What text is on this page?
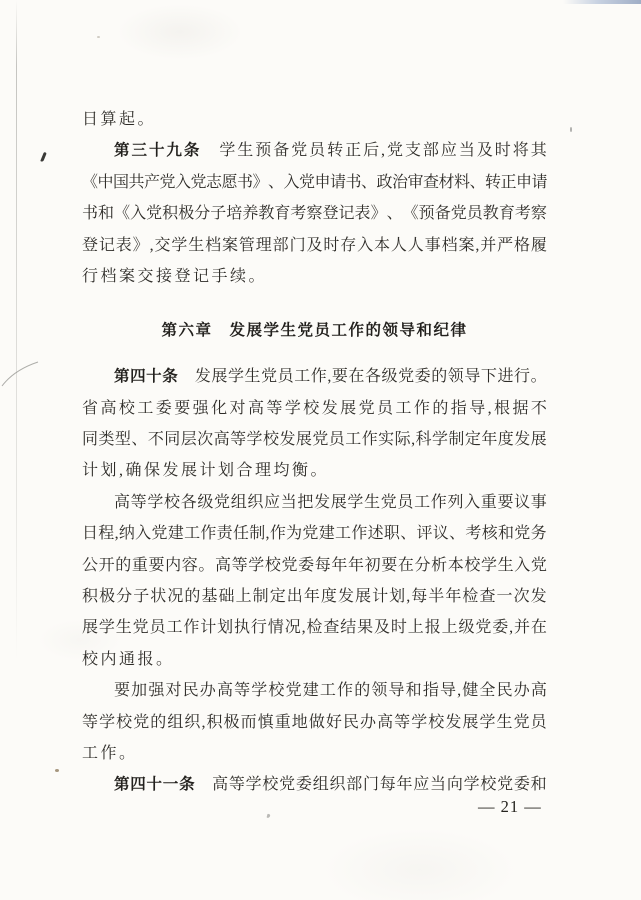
日算起。
第 三 十 九 条
　 学 生 预 备 党 员 转 正 后 , 党 支 部 应 当 及 时 将 其
《 中 国 共 产 党 入 党 志 愿 书 》 、 入 党 申 请 书 、 政 治 审 查 材 料 、 转 正 申 请
书 和 《 入 党 积 极 分 子 培 养 教 育 考 察 登 记 表 》 、 《 预 备 党 员 教 育 考 察
登 记 表 》 , 交 学 生 档 案 管 理 部 门 及 时 存 入 本 人 人 事 档 案 , 并 严 格 履
行档案交接登记手续。
第六章　发展学生党员工作的领导和纪律
第 四 十 条
　 发 展 学 生 党 员 工 作 , 要 在 各 级 党 委 的 领 导 下 进 行 。
省 高 校 工 委 要 强 化 对 高 等 学 校 发 展 党 员 工 作 的 指 导 , 根 据 不
同 类 型 、 不 同 层 次 高 等 学 校 发 展 党 员 工 作 实 际 , 科 学 制 定 年 度 发 展
计划,确保发展计划合理均衡。
高 等 学 校 各 级 党 组 织 应 当 把 发 展 学 生 党 员 工 作 列 入 重 要 议 事
日 程 , 纳 入 党 建 工 作 责 任 制 , 作 为 党 建 工 作 述 职 、 评 议 、 考 核 和 党 务
公 开 的 重 要 内 容 。 高 等 学 校 党 委 每 年 年 初 要 在 分 析 本 校 学 生 入 党
积 极 分 子 状 况 的 基 础 上 制 定 出 年 度 发 展 计 划 , 每 半 年 检 查 一 次 发
展 学 生 党 员 工 作 计 划 执 行 情 况 , 检 查 结 果 及 时 上 报 上 级 党 委 , 并 在
校内通报。
要 加 强 对 民 办 高 等 学 校 党 建 工 作 的 领 导 和 指 导 , 健 全 民 办 高
等 学 校 党 的 组 织 , 积 极 而 慎 重 地 做 好 民 办 高 等 学 校 发 展 学 生 党 员
工作。
第 四 十 一 条
　 高 等 学 校 党 委 组 织 部 门 每 年 应 当 向 学 校 党 委 和
— 21 —
